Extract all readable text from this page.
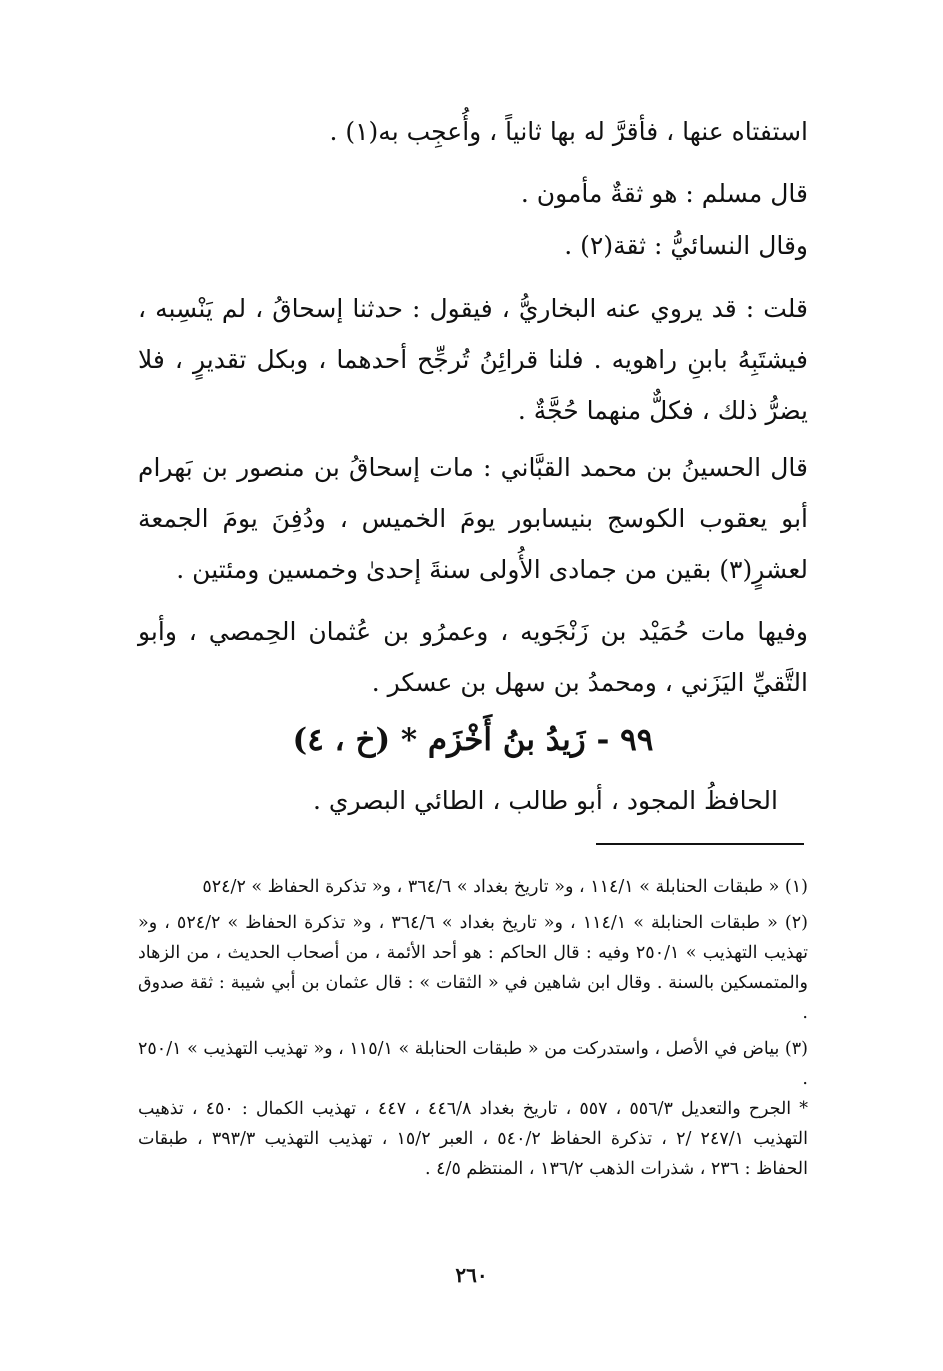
استفتاه عنها ، فأقرَّ له بها ثانياً ، وأُعجِب به(١) .

قال مسلم : هو ثقةٌ مأمون .

وقال النسائيُّ : ثقة(٢) .

قلت : قد يروي عنه البخاريُّ ، فيقول : حدثنا إسحاقُ ، لم يَنْسِبه ، فيشتَبِهُ بابنِ راهويه . فلنا قرائِنُ تُرجِّح أحدهما ، وبكل تقديرٍ ، فلا يضرُّ ذلك ، فكلٌّ منهما حُجَّةٌ .

قال الحسينُ بن محمد القبَّاني : مات إسحاقُ بن منصور بن بَهرام أبو يعقوب الكوسج بنيسابور يومَ الخميس ، ودُفِنَ يومَ الجمعة لعشرٍ(٣) بقين من جمادى الأُولى سنةَ إحدىٰ وخمسين ومئتين .

وفيها مات حُمَيْد بن زَنْجَويه ، وعمرُو بن عُثمان الحِمصي ، وأبو التَّقيِّ اليَزَني ، ومحمدُ بن سهل بن عسكر .

٩٩ - زَيدُ بنُ أَخْزَم * (خ ، ٤)

الحافظُ المجود ، أبو طالب ، الطائي البصري .

(١) « طبقات الحنابلة » ١١٤/١ ، و« تاريخ بغداد » ٣٦٤/٦ ، و« تذكرة الحفاظ » ٥٢٤/٢

(٢) « طبقات الحنابلة » ١١٤/١ ، و« تاريخ بغداد » ٣٦٤/٦ ، و« تذكرة الحفاظ » ٥٢٤/٢ ، و« تهذيب التهذيب » ٢٥٠/١ وفيه : قال الحاكم : هو أحد الأئمة ، من أصحاب الحديث ، من الزهاد والمتمسكين بالسنة . وقال ابن شاهين في « الثقات » : قال عثمان بن أبي شيبة : ثقة صدوق .

(٣) بياض في الأصل ، واستدركت من « طبقات الحنابلة » ١١٥/١ ، و« تهذيب التهذيب » ٢٥٠/١ .

* الجرح والتعديل ٥٥٦/٣ ، ٥٥٧ ، تاريخ بغداد ٤٤٦/٨ ، ٤٤٧ ، تهذيب الكمال : ٤٥٠ ، تذهيب التهذيب ٢٤٧/١ /٢ ، تذكرة الحفاظ ٥٤٠/٢ ، العبر ١٥/٢ ، تهذيب التهذيب ٣٩٣/٣ ، طبقات الحفاظ : ٢٣٦ ، شذرات الذهب ١٣٦/٢ ، المنتظم ٤/٥ .

٢٦٠
